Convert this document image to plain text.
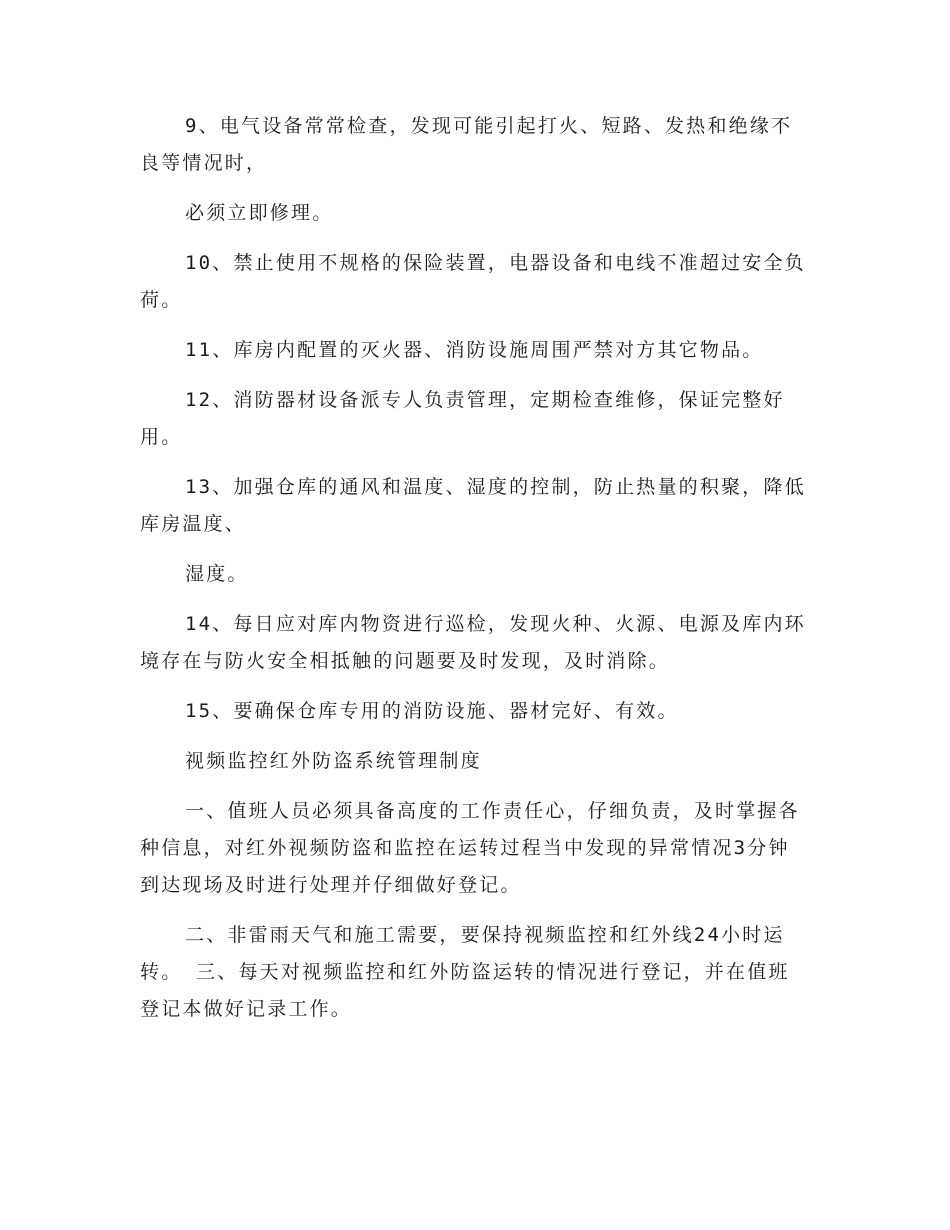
9、电气设备常常检查，发现可能引起打火、短路、发热和绝缘不良等情况时，

必须立即修理。

10、禁止使用不规格的保险装置，电器设备和电线不准超过安全负荷。

11、库房内配置的灭火器、消防设施周围严禁对方其它物品。

12、消防器材设备派专人负责管理，定期检查维修，保证完整好用。

13、加强仓库的通风和温度、湿度的控制，防止热量的积聚，降低库房温度、

湿度。

14、每日应对库内物资进行巡检，发现火种、火源、电源及库内环境存在与防火安全相抵触的问题要及时发现，及时消除。

15、要确保仓库专用的消防设施、器材完好、有效。

视频监控红外防盗系统管理制度

一、值班人员必须具备高度的工作责任心，仔细负责，及时掌握各种信息，对红外视频防盗和监控在运转过程当中发现的异常情况3分钟到达现场及时进行处理并仔细做好登记。

二、非雷雨天气和施工需要，要保持视频监控和红外线24小时运转。 三、每天对视频监控和红外防盗运转的情况进行登记，并在值班登记本做好记录工作。
